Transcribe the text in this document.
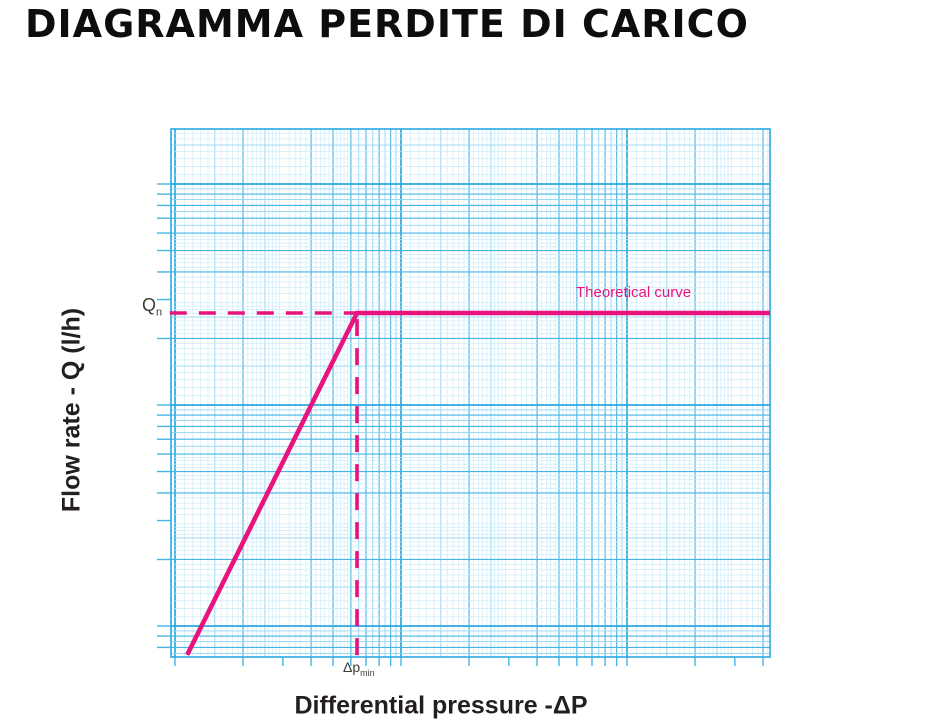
DIAGRAMMA PERDITE DI CARICO
Flow rate - Q (l/h)
$Q_n$
$\Delta p_{min}$
Theoretical curve
Differential pressure -ΔP
